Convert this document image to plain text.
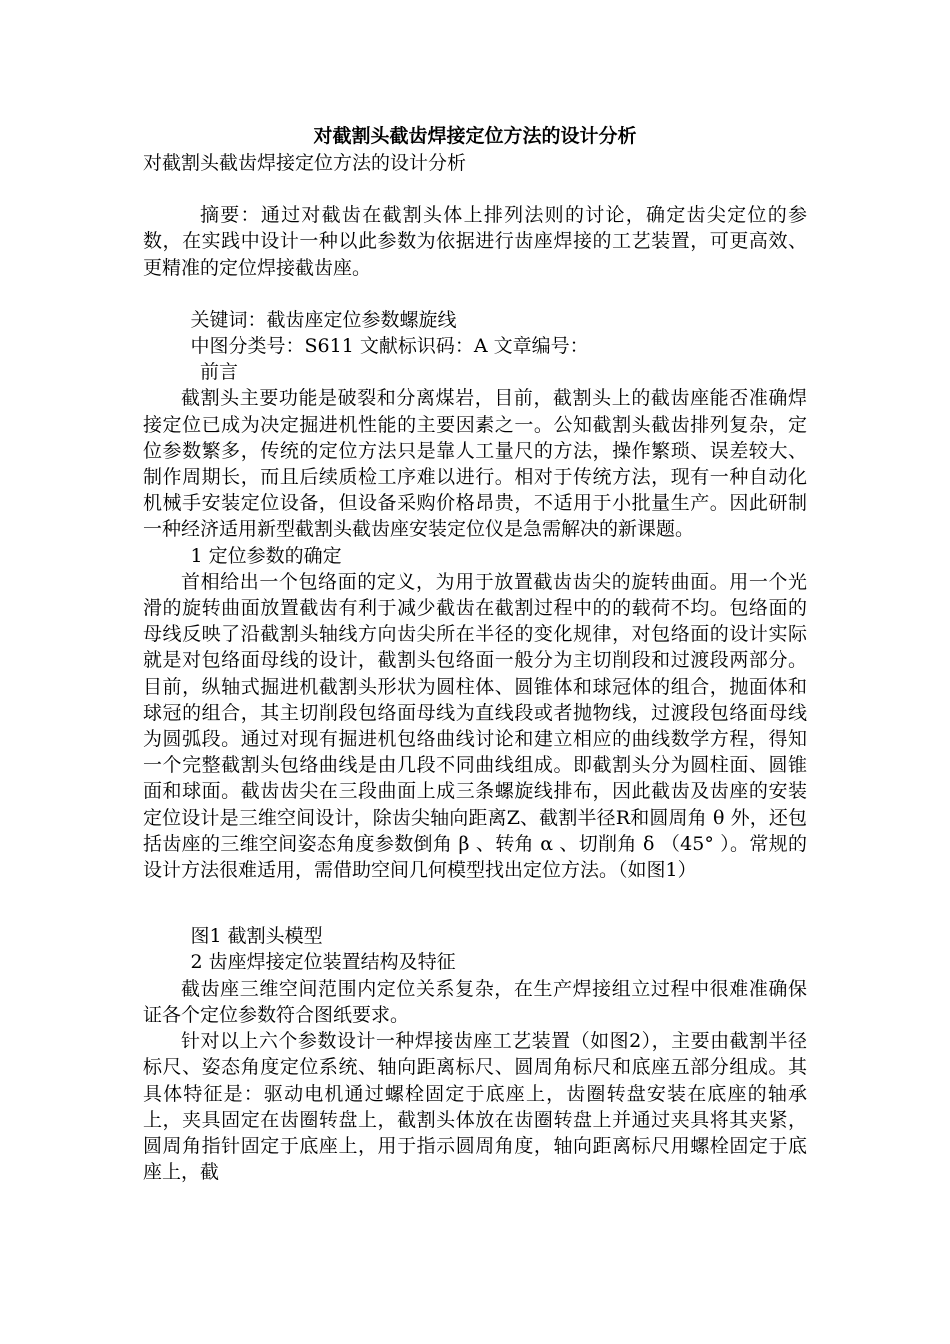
对截割头截齿焊接定位方法的设计分析

对截割头截齿焊接定位方法的设计分析

摘要：通过对截齿在截割头体上排列法则的讨论，确定齿尖定位的参数，在实践中设计一种以此参数为依据进行齿座焊接的工艺装置，可更高效、更精准的定位焊接截齿座。

关键词：截齿座定位参数螺旋线

中图分类号：S611 文献标识码：A 文章编号：

前言

截割头主要功能是破裂和分离煤岩，目前，截割头上的截齿座能否准确焊接定位已成为决定掘进机性能的主要因素之一。公知截割头截齿排列复杂，定位参数繁多，传统的定位方法只是靠人工量尺的方法，操作繁琐、误差较大、制作周期长，而且后续质检工序难以进行。相对于传统方法，现有一种自动化机械手安装定位设备，但设备采购价格昂贵，不适用于小批量生产。因此研制一种经济适用新型截割头截齿座安装定位仪是急需解决的新课题。

1 定位参数的确定

首相给出一个包络面的定义，为用于放置截齿齿尖的旋转曲面。用一个光滑的旋转曲面放置截齿有利于减少截齿在截割过程中的的载荷不均。包络面的母线反映了沿截割头轴线方向齿尖所在半径的变化规律，对包络面的设计实际就是对包络面母线的设计，截割头包络面一般分为主切削段和过渡段两部分。目前，纵轴式掘进机截割头形状为圆柱体、圆锥体和球冠体的组合，抛面体和球冠的组合，其主切削段包络面母线为直线段或者抛物线，过渡段包络面母线为圆弧段。通过对现有掘进机包络曲线讨论和建立相应的曲线数学方程，得知一个完整截割头包络曲线是由几段不同曲线组成。即截割头分为圆柱面、圆锥面和球面。截齿齿尖在三段曲面上成三条螺旋线排布，因此截齿及齿座的安装定位设计是三维空间设计，除齿尖轴向距离Z、截割半径R和圆周角 θ 外，还包括齿座的三维空间姿态角度参数倒角 β 、转角 α 、切削角 δ （45° ）。常规的设计方法很难适用，需借助空间几何模型找出定位方法。（如图1）

图1 截割头模型

2 齿座焊接定位装置结构及特征

截齿座三维空间范围内定位关系复杂，在生产焊接组立过程中很难准确保证各个定位参数符合图纸要求。

针对以上六个参数设计一种焊接齿座工艺装置（如图2），主要由截割半径标尺、姿态角度定位系统、轴向距离标尺、圆周角标尺和底座五部分组成。其具体特征是：驱动电机通过螺栓固定于底座上，齿圈转盘安装在底座的轴承上，夹具固定在齿圈转盘上，截割头体放在齿圈转盘上并通过夹具将其夹紧，圆周角指针固定于底座上，用于指示圆周角度，轴向距离标尺用螺栓固定于底座上，截
